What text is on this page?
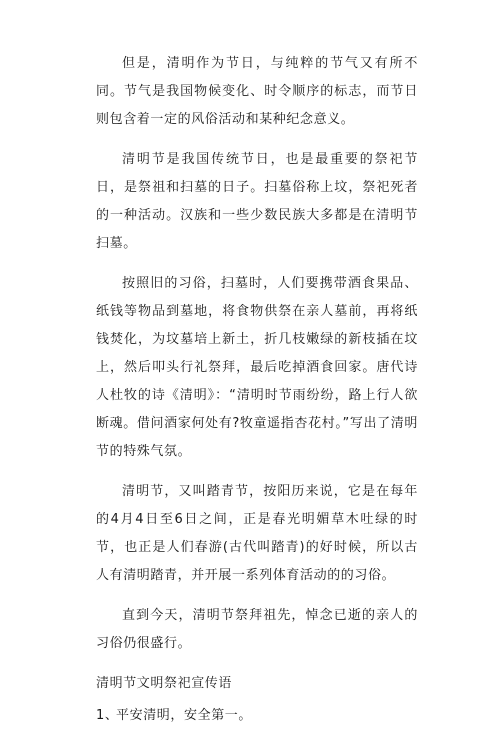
但是，清明作为节日，与纯粹的节气又有所不同。节气是我国物候变化、时令顺序的标志，而节日则包含着一定的风俗活动和某种纪念意义。

清明节是我国传统节日，也是最重要的祭祀节日，是祭祖和扫墓的日子。扫墓俗称上坟，祭祀死者的一种活动。汉族和一些少数民族大多都是在清明节扫墓。

按照旧的习俗，扫墓时，人们要携带酒食果品、纸钱等物品到墓地，将食物供祭在亲人墓前，再将纸钱焚化，为坟墓培上新土，折几枝嫩绿的新枝插在坟上，然后叩头行礼祭拜，最后吃掉酒食回家。唐代诗人杜牧的诗《清明》：“清明时节雨纷纷，路上行人欲断魂。借问酒家何处有?牧童遥指杏花村。”写出了清明节的特殊气氛。

清明节，又叫踏青节，按阳历来说，它是在每年的4月4日至6日之间，正是春光明媚草木吐绿的时节，也正是人们春游(古代叫踏青)的好时候，所以古人有清明踏青，并开展一系列体育活动的的习俗。

直到今天，清明节祭拜祖先，悼念已逝的亲人的习俗仍很盛行。

清明节文明祭祀宣传语

1、平安清明，安全第一。
